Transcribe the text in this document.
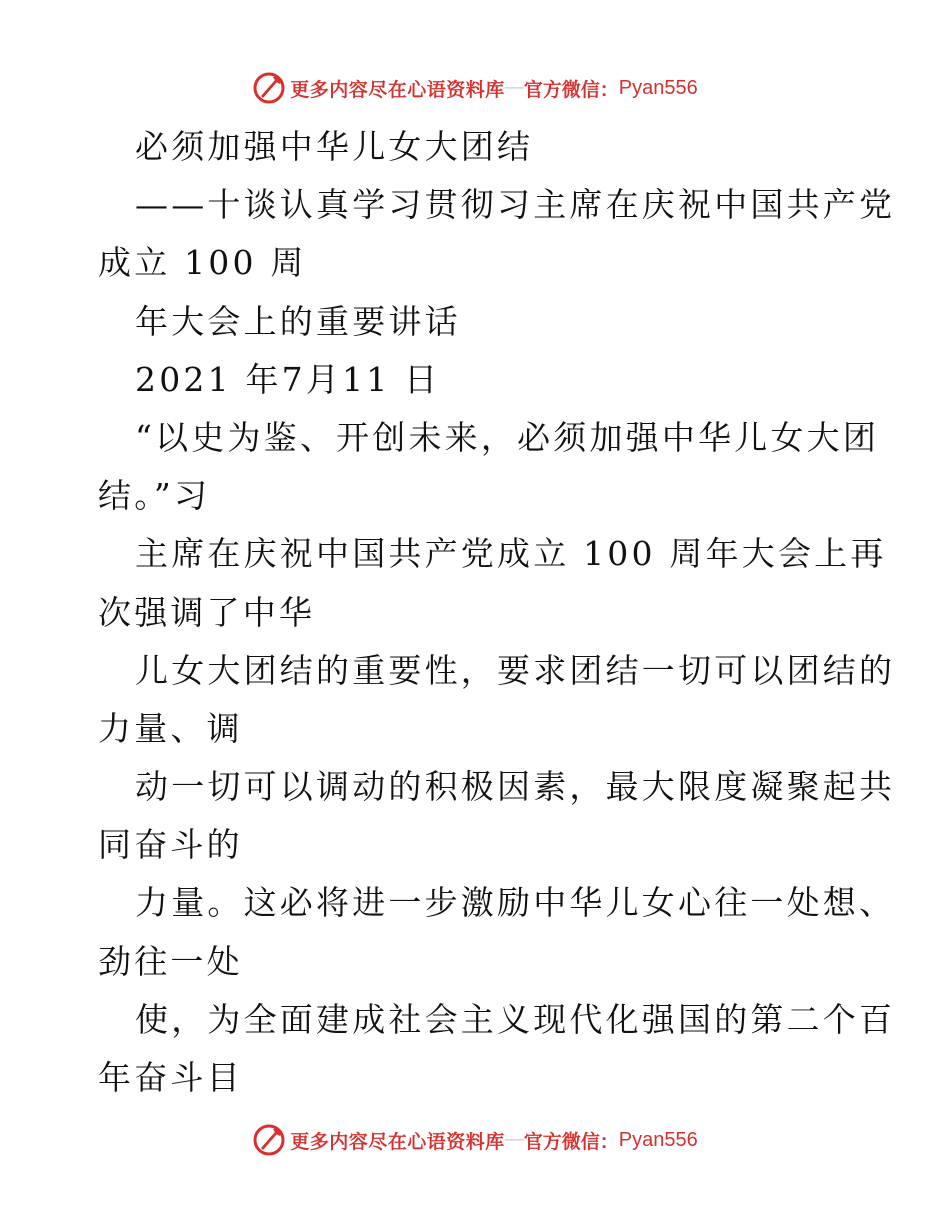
更多内容尽在心语资料库 — 官方微信： Pyan556
必须加强中华儿女大团结
——十谈认真学习贯彻习主席在庆祝中国共产党
成立 100 周
年大会上的重要讲话
2021 年7月11 日
“以史为鉴、开创未来，必须加强中华儿女大团
结。”习
主席在庆祝中国共产党成立 100 周年大会上再
次强调了中华
儿女大团结的重要性，要求团结一切可以团结的
力量、调
动一切可以调动的积极因素，最大限度凝聚起共
同奋斗的
力量。这必将进一步激励中华儿女心往一处想、
劲往一处
使，为全面建成社会主义现代化强国的第二个百
年奋斗目
更多内容尽在心语资料库 — 官方微信： Pyan556
